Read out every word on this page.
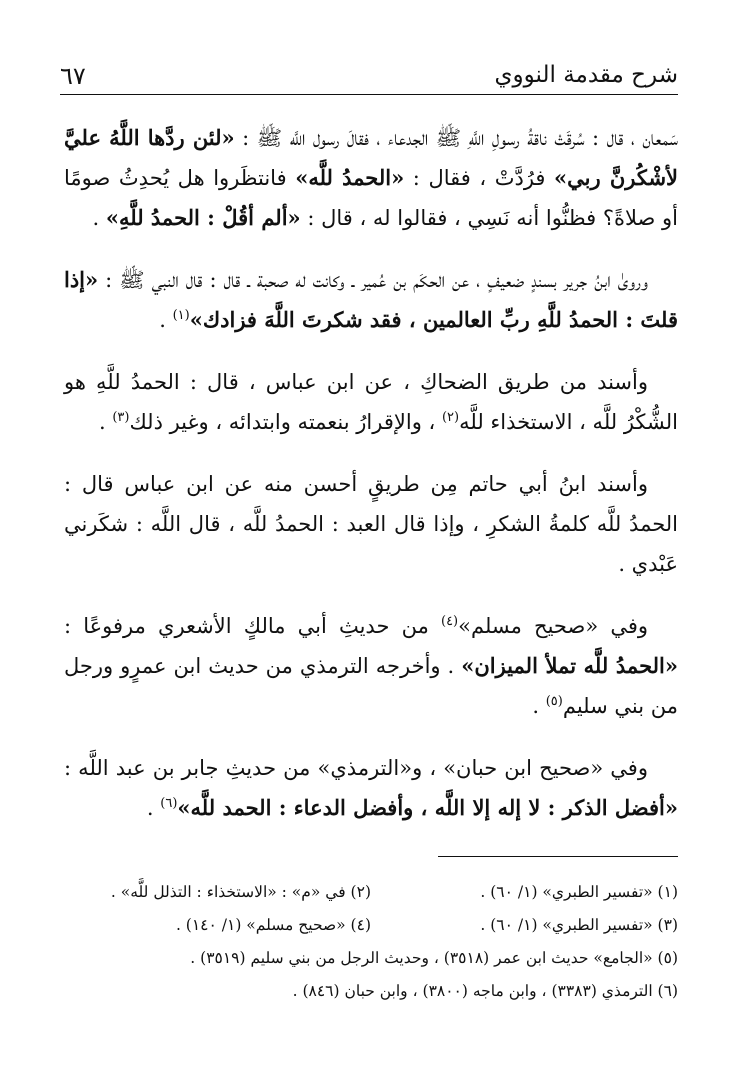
شرح مقدمة النووي
٦٧

سَمعان ، قال : سُرقَتْ ناقةُ رسولِ اللَّهِ ﷺ الجدعاء ، فقالَ رسول اللَّه ﷺ : «لئن ردَّها اللَّهُ عليَّ لأشْكُرنَّ ربي» فرُدَّتْ ، فقال : «الحمدُ للَّه» فانتظَروا هل يُحدِثُ صومًا أو صلاةً؟ فظنُّوا أنه نَسِي ، فقالوا له ، قال : «ألم أقُلْ : الحمدُ للَّهِ» .

وروىٰ ابنُ جرير بسندٍ ضعيفٍ ، عن الحكَم بن عُمير ـ وكانت له صحبة ـ قال : قال النبي ﷺ : «إذا قلتَ : الحمدُ للَّهِ ربِّ العالمين ، فقد شكرتَ اللَّهَ فزادك»$^{(١)}$ .

وأسند من طريق الضحاكِ ، عن ابن عباس ، قال : الحمدُ للَّهِ هو الشُّكْرُ للَّه ، الاستخذاء للَّه$^{(٢)}$ ، والإقرارُ بنعمته وابتدائه ، وغير ذلك$^{(٣)}$ .

وأسند ابنُ أبي حاتم مِن طريقٍ أحسن منه عن ابن عباس قال : الحمدُ للَّه كلمةُ الشكرِ ، وإذا قال العبد : الحمدُ للَّه ، قال اللَّه : شكَرني عَبْدي .

وفي «صحيح مسلم»$^{(٤)}$ من حديثِ أبي مالكٍ الأشعري مرفوعًا : «الحمدُ للَّه تملأ الميزان» . وأخرجه الترمذي من حديث ابن عمرٍو ورجل من بني سليم$^{(٥)}$ .

وفي «صحيح ابن حبان» ، و«الترمذي» من حديثِ جابر بن عبد اللَّه : «أفضل الذكر : لا إله إلا اللَّه ، وأفضل الدعاء : الحمد للَّه»$^{(٦)}$ .

(١) «تفسير الطبري» (١/ ٦٠) .
(٢) في «م» : «الاستخذاء : التذلل للَّه» .
(٣) «تفسير الطبري» (١/ ٦٠) .
(٤) «صحيح مسلم» (١/ ١٤٠) .
(٥) «الجامع» حديث ابن عمر (٣٥١٨) ، وحديث الرجل من بني سليم (٣٥١٩) .
(٦) الترمذي (٣٣٨٣) ، وابن ماجه (٣٨٠٠) ، وابن حبان (٨٤٦) .
